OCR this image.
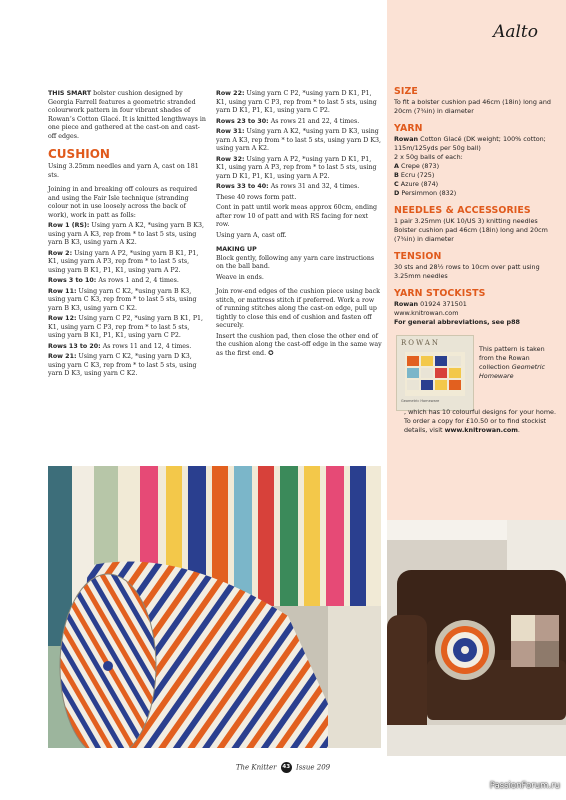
Aalto

THIS SMART bolster cushion designed by Georgia Farrell features a geometric stranded colourwork pattern in four vibrant shades of Rowan’s Cotton Glacé. It is knitted lengthways in one piece and gathered at the cast-on and cast-off edges.

CUSHION

Using 3.25mm needles and yarn A, cast on 181 sts.

Joining in and breaking off colours as required and using the Fair Isle technique (stranding colour not in use loosely across the back of work), work in patt as folls:

Row 1 (RS): Using yarn A K2, *using yarn B K3, using yarn A K3, rep from * to last 5 sts, using yarn B K3, using yarn A K2.

Row 2: Using yarn A P2, *using yarn B K1, P1, K1, using yarn A P3, rep from * to last 5 sts, using yarn B K1, P1, K1, using yarn A P2.

Rows 3 to 10: As rows 1 and 2, 4 times.

Row 11: Using yarn C K2, *using yarn B K3, using yarn C K3, rep from * to last 5 sts, using yarn B K3, using yarn C K2.

Row 12: Using yarn C P2, *using yarn B K1, P1, K1, using yarn C P3, rep from * to last 5 sts, using yarn B K1, P1, K1, using yarn C P2.

Rows 13 to 20: As rows 11 and 12, 4 times.

Row 21: Using yarn C K2, *using yarn D K3, using yarn C K3, rep from * to last 5 sts, using yarn D K3, using yarn C K2.

Row 22: Using yarn C P2, *using yarn D K1, P1, K1, using yarn C P3, rep from * to last 5 sts, using yarn D K1, P1, K1, using yarn C P2.

Rows 23 to 30: As rows 21 and 22, 4 times.

Row 31: Using yarn A K2, *using yarn D K3, using yarn A K3, rep from * to last 5 sts, using yarn D K3, using yarn A K2.

Row 32: Using yarn A P2, *using yarn D K1, P1, K1, using yarn A P3, rep from * to last 5 sts, using yarn D K1, P1, K1, using yarn A P2.

Rows 33 to 40: As rows 31 and 32, 4 times.

These 40 rows form patt.

Cont in patt until work meas approx 60cm, ending after row 10 of patt and with RS facing for next row.

Using yarn A, cast off.

MAKING UP

Block gently, following any yarn care instructions on the ball band.

Weave in ends.

Join row-end edges of the cushion piece using back stitch, or mattress stitch if preferred. Work a row of running stitches along the cast-on edge, pull up tightly to close this end of cushion and fasten off securely.

Insert the cushion pad, then close the other end of the cushion along the cast-off edge in the same way as the first end. ✪

SIZE

To fit a bolster cushion pad 46cm (18in) long and 20cm (7¾in) in diameter

YARN

Rowan Cotton Glacé (DK weight; 100% cotton; 115m/125yds per 50g ball)

2 x 50g balls of each:

A Crepe (873)

B Ecru (725)

C Azure (874)

D Persimmon (832)

NEEDLES & ACCESSORIES

1 pair 3.25mm (UK 10/US 3) knitting needles

Bolster cushion pad 46cm (18in) long and 20cm (7¾in) in diameter

TENSION

30 sts and 28½ rows to 10cm over patt using 3.25mm needles

YARN STOCKISTS

Rowan 01924 371501

www.knitrowan.com

For general abbreviations, see p88

ROWAN
Geometric Homeware
This pattern is taken from the Rowan collection Geometric Homeware
, which has 10 colourful designs for your home. To order a copy for £10.50 or to find stockist details, visit www.knitrowan.com.
The Knitter 43 Issue 209
PassionForum.ru
